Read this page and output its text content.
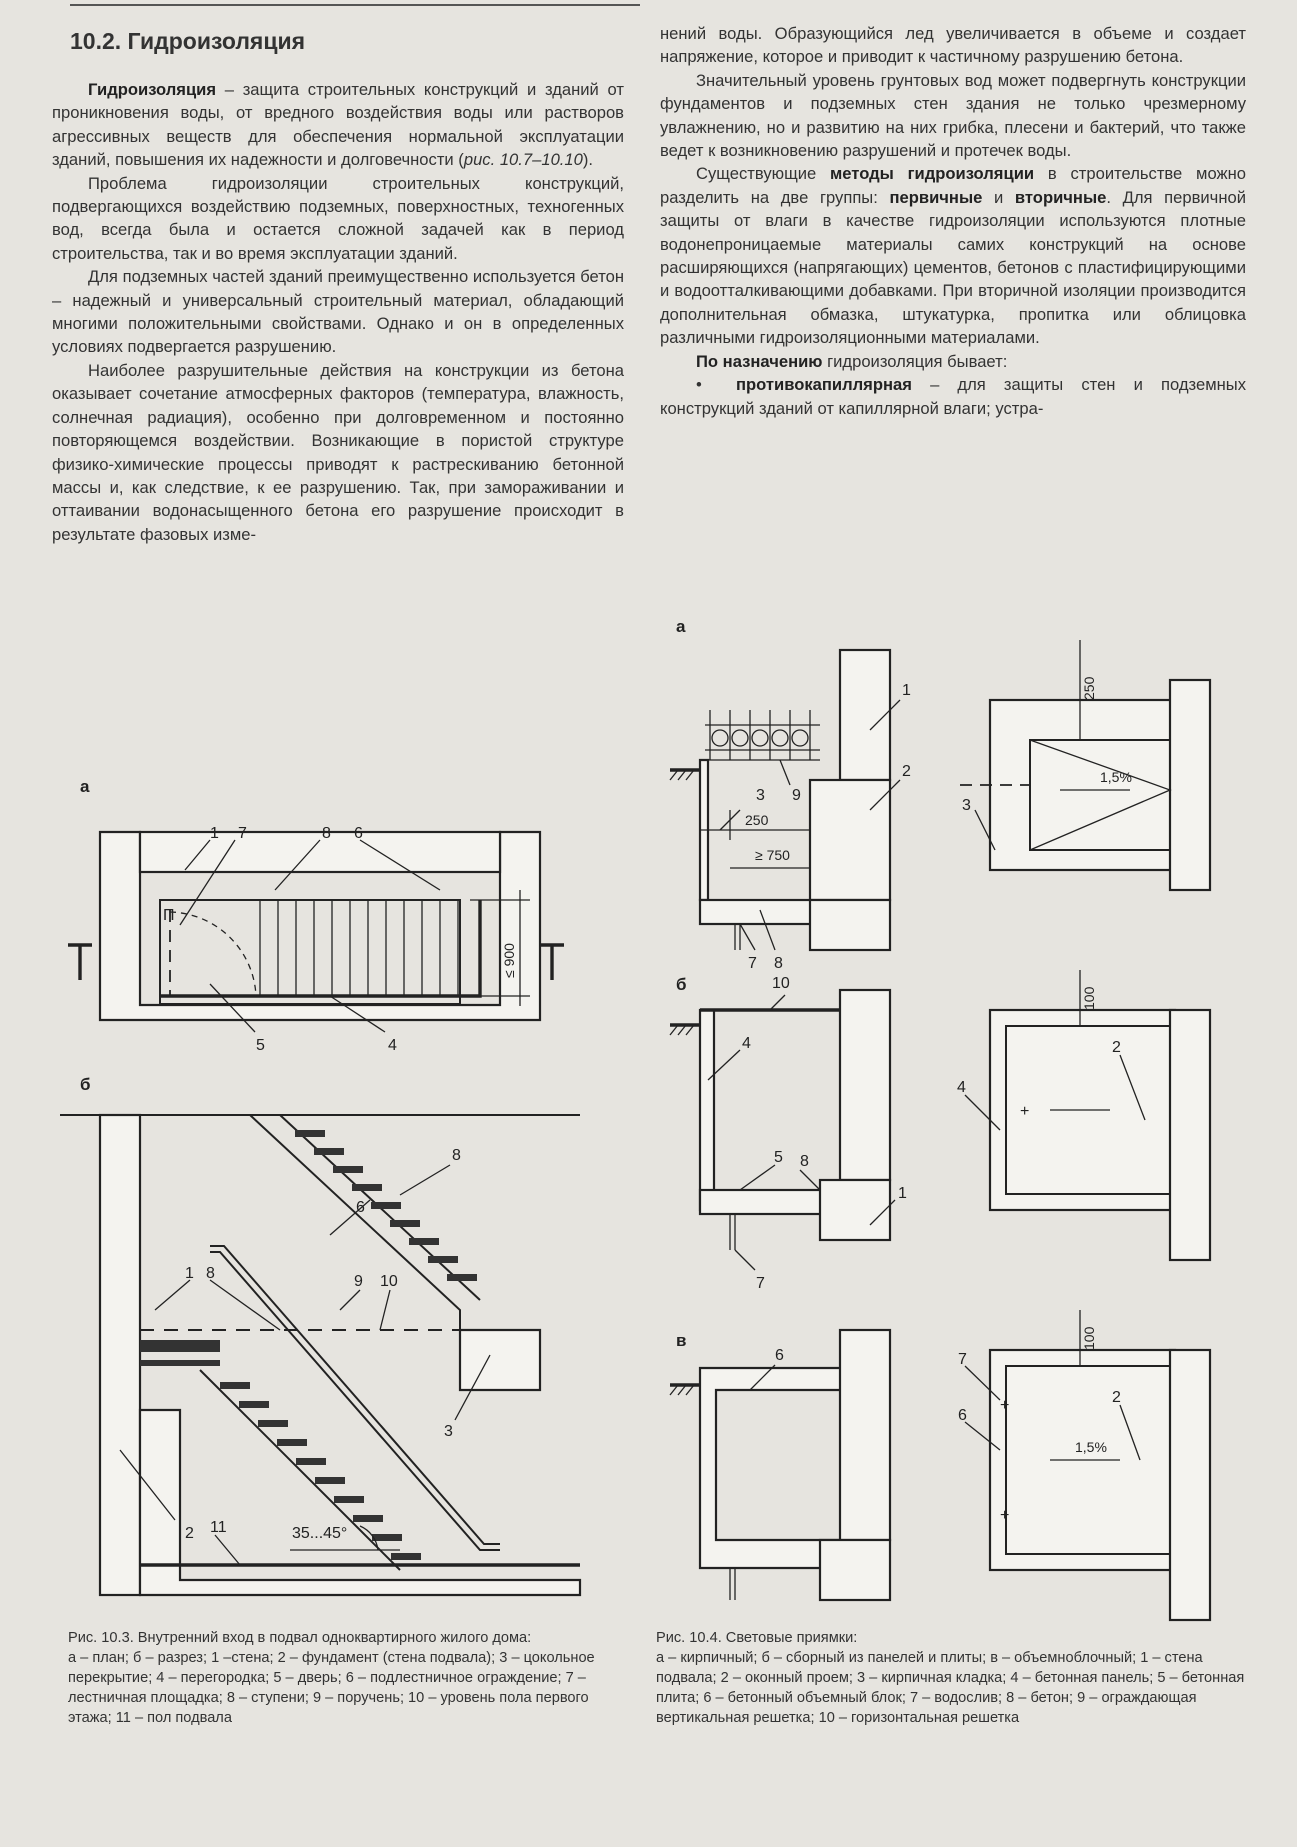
10.2. Гидроизоляция

Гидроизоляция – защита строительных конструкций и зданий от проникновения воды, от вредного воздействия воды или растворов агрессивных веществ для обеспечения нормальной эксплуатации зданий, повышения их надежности и долговечности (рис. 10.7–10.10).

Проблема гидроизоляции строительных конструкций, подвергающихся воздействию подземных, поверхностных, техногенных вод, всегда была и остается сложной задачей как в период строительства, так и во время эксплуатации зданий.

Для подземных частей зданий преимущественно используется бетон – надежный и универсальный строительный материал, обладающий многими положительными свойствами. Однако и он в определенных условиях подвергается разрушению.

Наиболее разрушительные действия на конструкции из бетона оказывает сочетание атмосферных факторов (температура, влажность, солнечная радиация), особенно при долговременном и постоянно повторяющемся воздействии. Возникающие в пористой структуре физико-химические процессы приводят к растрескиванию бетонной массы и, как следствие, к ее разрушению. Так, при замораживании и оттаивании водонасыщенного бетона его разрушение происходит в результате фазовых изме-

нений воды. Образующийся лед увеличивается в объеме и создает напряжение, которое и приводит к частичному разрушению бетона.

Значительный уровень грунтовых вод может подвергнуть конструкции фундаментов и подземных стен здания не только чрезмерному увлажнению, но и развитию на них грибка, плесени и бактерий, что также ведет к возникновению разрушений и протечек воды.

Существующие методы гидроизоляции в строительстве можно разделить на две группы: первичные и вторичные. Для первичной защиты от влаги в качестве гидроизоляции используются плотные водонепроницаемые материалы самих конструкций на основе расширяющихся (напрягающих) цементов, бетонов с пластифицирующими и водоотталкивающими добавками. При вторичной изоляции производится дополнительная обмазка, штукатурка, пропитка или облицовка различными гидроизоляционными материалами.

По назначению гидроизоляция бывает:

• противокапиллярная – для защиты стен и подземных конструкций зданий от капиллярной влаги; устра-

а
П
≤ 900
1 7	8 6
5	4
б
35...45°
8
6
1 8	9 10
3
2 11
а
250
≥ 750
1
2
3 9
7 8
1,5%
250
3
б	10
4
5 8
1
7
+
100
4
2
в
6
1,5%
+
+
100
7
6
2
Рис. 10.3. Внутренний вход в подвал одноквартирного жилого дома:
а – план; б – разрез; 1 –стена; 2 – фундамент (стена подвала); 3 – цокольное перекрытие; 4 – перегородка; 5 – дверь; 6 – подлестничное ограждение; 7 – лестничная площадка; 8 – ступени; 9 – поручень; 10 – уровень пола первого этажа; 11 – пол подвала
Рис. 10.4. Световые приямки:
а – кирпичный; б – сборный из панелей и плиты; в – объемноблочный; 1 – стена подвала; 2 – оконный проем; 3 – кирпичная кладка; 4 – бетонная панель; 5 – бетонная плита; 6 – бетонный объемный блок; 7 – водослив; 8 – бетон; 9 – ограждающая вертикальная решетка; 10 – горизонтальная решетка
